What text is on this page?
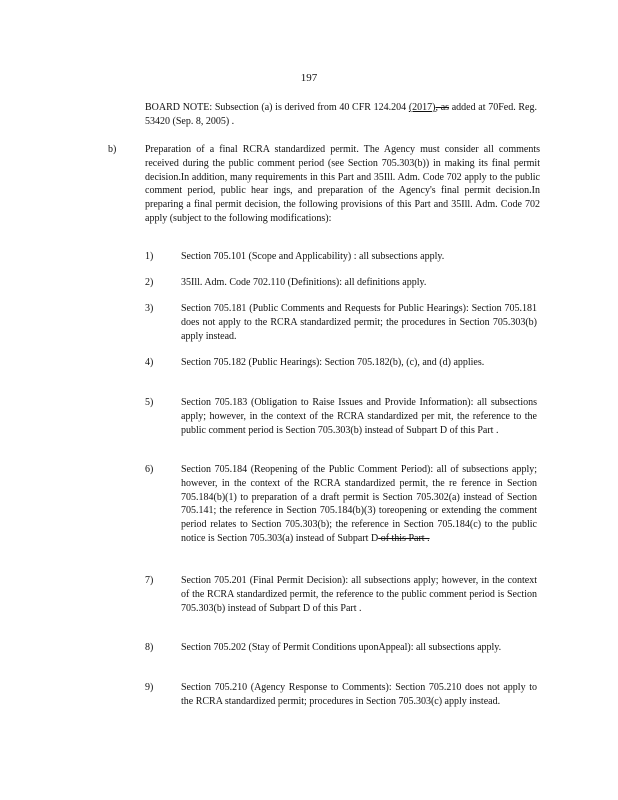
197
BOARD NOTE: Subsection (a) is derived from 40 CFR 124.204 (2017), as added at 70Fed. Reg. 53420 (Sep. 8, 2005) .
b)	Preparation of a final RCRA standardized permit. The Agency must consider all comments received during the public comment period (see Section 705.303(b)) in making its final permit decision.In addition, many requirements in this Part and 35Ill. Adm. Code 702 apply to the public comment period, public hear ings, and preparation of the Agency's final permit decision.In preparing a final permit decision, the following provisions of this Part and 35Ill. Adm. Code 702 apply (subject to the following modifications):
1)	Section 705.101 (Scope and Applicability) : all subsections apply.
2)	35Ill. Adm. Code 702.110 (Definitions): all definitions apply.
3)	Section 705.181 (Public Comments and Requests for Public Hearings): Section 705.181 does not apply to the RCRA standardized permit; the procedures in Section 705.303(b) apply instead.
4)	Section 705.182 (Public Hearings): Section 705.182(b), (c), and (d) applies.
5)	Section 705.183 (Obligation to Raise Issues and Provide Information): all subsections apply; however, in the context of the RCRA standardized per mit, the reference to the public comment period is Section 705.303(b) instead of Subpart D of this Part .
6)	Section 705.184 (Reopening of the Public Comment Period): all of subsections apply; however, in the context of the RCRA standardized permit, the re ference in Section 705.184(b)(1) to preparation of a draft permit is Section 705.302(a) instead of Section 705.141; the reference in Section 705.184(b)(3) toreopening or extending the comment period relates to Section 705.303(b); the reference in Section 705.184(c) to the public notice is Section 705.303(a) instead of Subpart D of this Part .
7)	Section 705.201 (Final Permit Decision): all subsections apply; however, in the context of the RCRA standardized permit, the reference to the public comment period is Section 705.303(b) instead of Subpart D of this Part .
8)	Section 705.202 (Stay of Permit Conditions uponAppeal): all subsections apply.
9)	Section 705.210 (Agency Response to Comments): Section 705.210 does not apply to the RCRA standardized permit; procedures in Section 705.303(c) apply instead.
